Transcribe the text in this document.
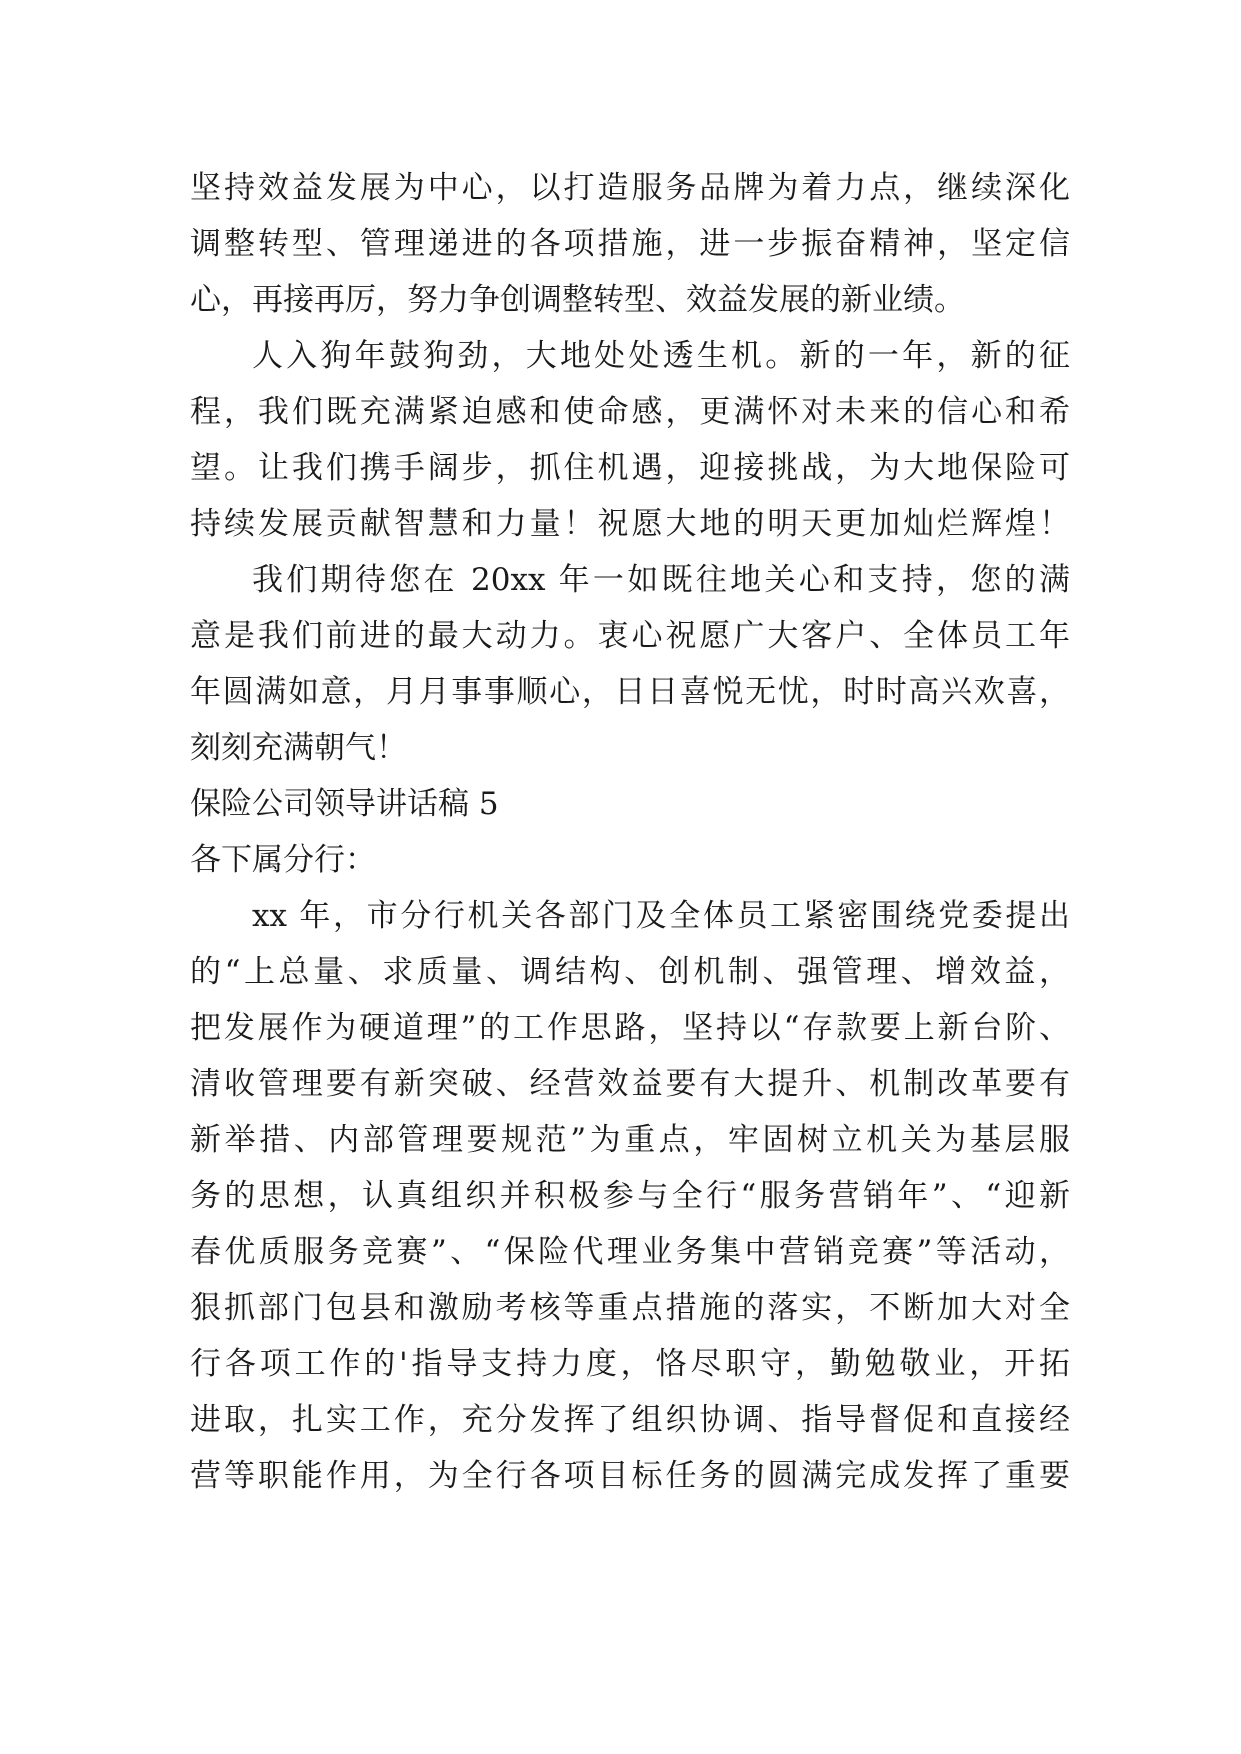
坚持效益发展为中心，以打造服务品牌为着力点，继续深化
调整转型、管理递进的各项措施，进一步振奋精神，坚定信
心，再接再厉，努力争创调整转型、效益发展的新业绩。
人入狗年鼓狗劲，大地处处透生机。新的一年，新的征
程，我们既充满紧迫感和使命感，更满怀对未来的信心和希
望。让我们携手阔步，抓住机遇，迎接挑战，为大地保险可
持续发展贡献智慧和力量！祝愿大地的明天更加灿烂辉煌！
我们期待您在 20xx 年一如既往地关心和支持，您的满
意是我们前进的最大动力。衷心祝愿广大客户、全体员工年
年圆满如意，月月事事顺心，日日喜悦无忧，时时高兴欢喜，
刻刻充满朝气！
保险公司领导讲话稿 5
各下属分行：
xx 年，市分行机关各部门及全体员工紧密围绕党委提出
的“上总量、求质量、调结构、创机制、强管理、增效益，
把发展作为硬道理”的工作思路，坚持以“存款要上新台阶、
清收管理要有新突破、经营效益要有大提升、机制改革要有
新举措、内部管理要规范”为重点，牢固树立机关为基层服
务的思想，认真组织并积极参与全行“服务营销年”、“迎新
春优质服务竞赛”、“保险代理业务集中营销竞赛”等活动，
狠抓部门包县和激励考核等重点措施的落实，不断加大对全
行各项工作的'指导支持力度，恪尽职守，勤勉敬业，开拓
进取，扎实工作，充分发挥了组织协调、指导督促和直接经
营等职能作用，为全行各项目标任务的圆满完成发挥了重要
